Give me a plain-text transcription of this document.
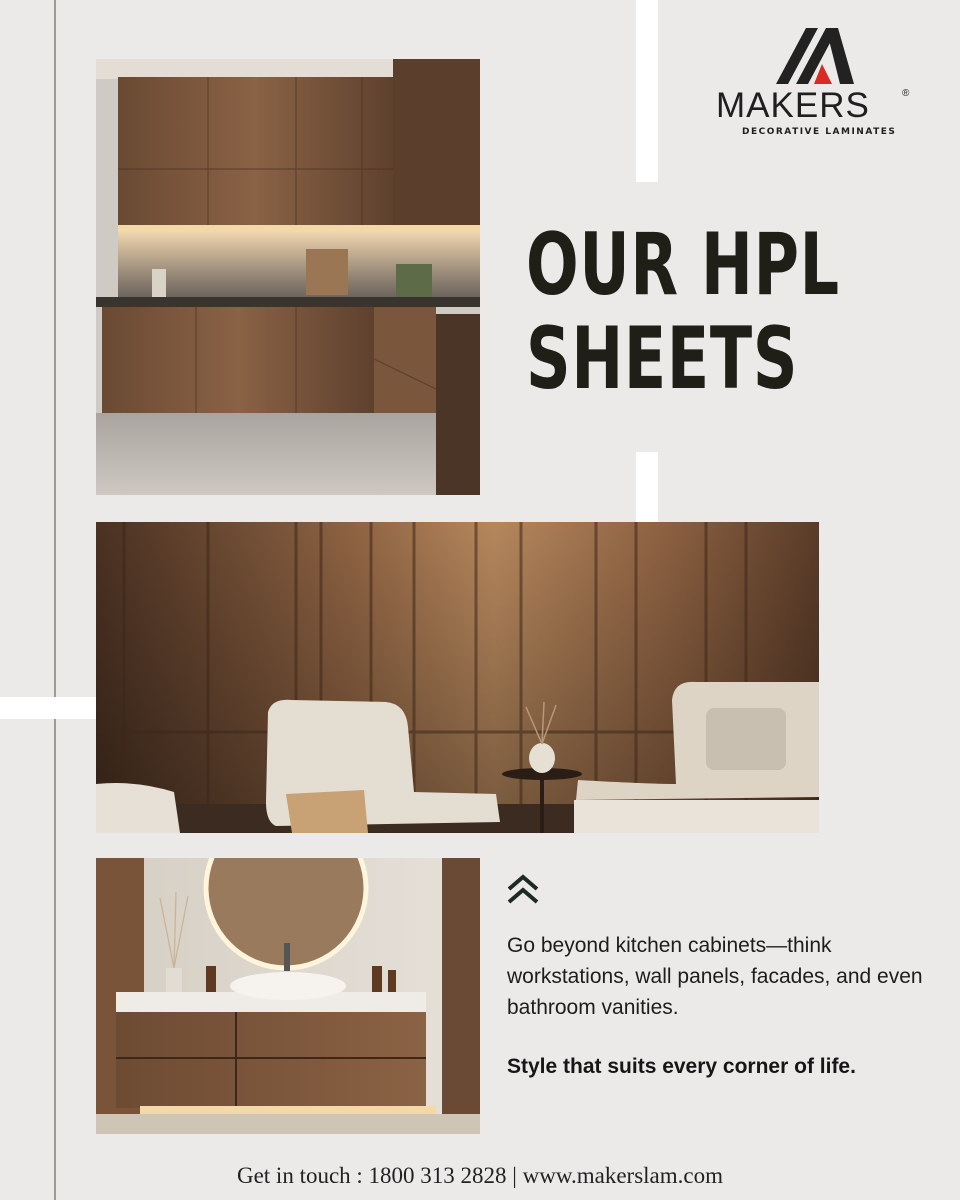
MAKERS	®
DECORATIVE LAMINATES
OUR HPL
SHEETS

Go beyond kitchen cabinets—think workstations, wall panels, facades, and even bathroom vanities.

Style that suits every corner of life.

Get in touch : 1800 313 2828 | www.makerslam.com
